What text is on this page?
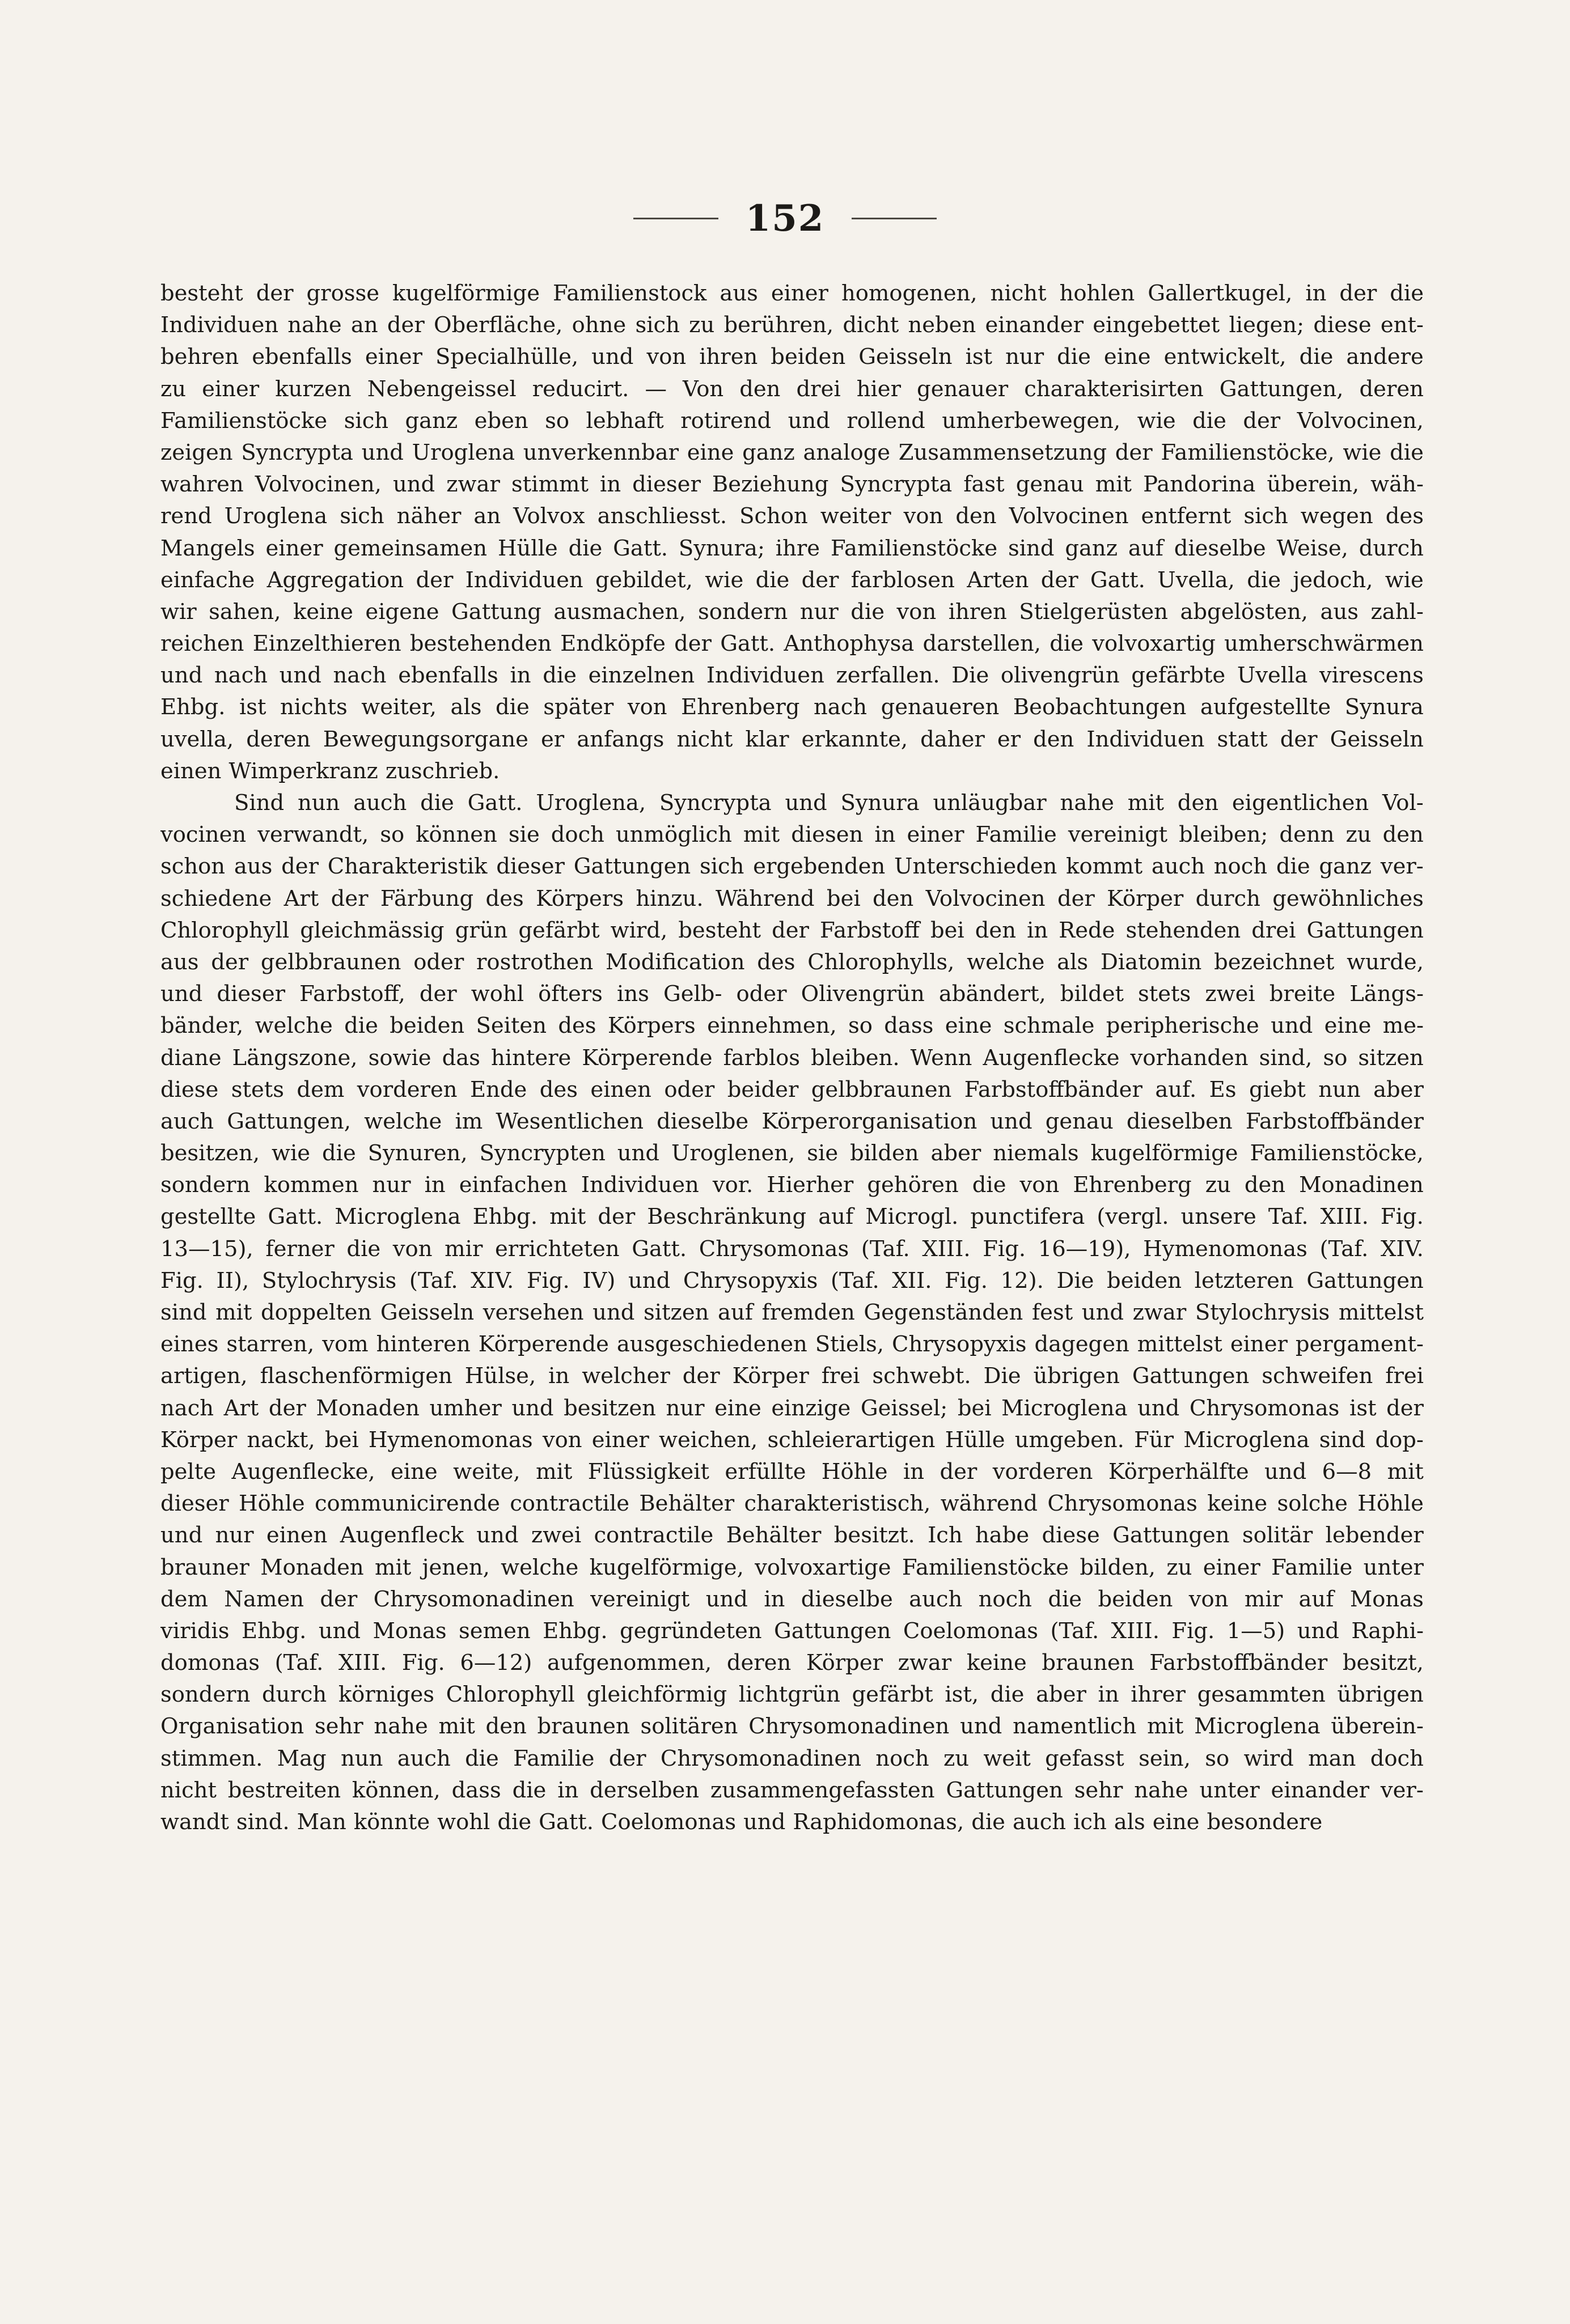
152
besteht der grosse kugelförmige Familienstock aus einer homogenen, nicht hohlen Gallertkugel, in der die
Individuen nahe an der Oberfläche, ohne sich zu berühren, dicht neben einander eingebettet liegen; diese ent-
behren ebenfalls einer Specialhülle, und von ihren beiden Geisseln ist nur die eine entwickelt, die andere
zu einer kurzen Nebengeissel reducirt. — Von den drei hier genauer charakterisirten Gattungen, deren
Familienstöcke sich ganz eben so lebhaft rotirend und rollend umherbewegen, wie die der Volvocinen,
zeigen Syncrypta und Uroglena unverkennbar eine ganz analoge Zusammensetzung der Familienstöcke, wie die
wahren Volvocinen, und zwar stimmt in dieser Beziehung Syncrypta fast genau mit Pandorina überein, wäh-
rend Uroglena sich näher an Volvox anschliesst. Schon weiter von den Volvocinen entfernt sich wegen des
Mangels einer gemeinsamen Hülle die Gatt. Synura; ihre Familienstöcke sind ganz auf dieselbe Weise, durch
einfache Aggregation der Individuen gebildet, wie die der farblosen Arten der Gatt. Uvella, die jedoch, wie
wir sahen, keine eigene Gattung ausmachen, sondern nur die von ihren Stielgerüsten abgelösten, aus zahl-
reichen Einzelthieren bestehenden Endköpfe der Gatt. Anthophysa darstellen, die volvoxartig umherschwärmen
und nach und nach ebenfalls in die einzelnen Individuen zerfallen. Die olivengrün gefärbte Uvella virescens
Ehbg. ist nichts weiter, als die später von Ehrenberg nach genaueren Beobachtungen aufgestellte Synura
uvella, deren Bewegungsorgane er anfangs nicht klar erkannte, daher er den Individuen statt der Geisseln
einen Wimperkranz zuschrieb.
Sind nun auch die Gatt. Uroglena, Syncrypta und Synura unläugbar nahe mit den eigentlichen Vol-
vocinen verwandt, so können sie doch unmöglich mit diesen in einer Familie vereinigt bleiben; denn zu den
schon aus der Charakteristik dieser Gattungen sich ergebenden Unterschieden kommt auch noch die ganz ver-
schiedene Art der Färbung des Körpers hinzu. Während bei den Volvocinen der Körper durch gewöhnliches
Chlorophyll gleichmässig grün gefärbt wird, besteht der Farbstoff bei den in Rede stehenden drei Gattungen
aus der gelbbraunen oder rostrothen Modification des Chlorophylls, welche als Diatomin bezeichnet wurde,
und dieser Farbstoff, der wohl öfters ins Gelb- oder Olivengrün abändert, bildet stets zwei breite Längs-
bänder, welche die beiden Seiten des Körpers einnehmen, so dass eine schmale peripherische und eine me-
diane Längszone, sowie das hintere Körperende farblos bleiben. Wenn Augenflecke vorhanden sind, so sitzen
diese stets dem vorderen Ende des einen oder beider gelbbraunen Farbstoffbänder auf. Es giebt nun aber
auch Gattungen, welche im Wesentlichen dieselbe Körperorganisation und genau dieselben Farbstoffbänder
besitzen, wie die Synuren, Syncrypten und Uroglenen, sie bilden aber niemals kugelförmige Familienstöcke,
sondern kommen nur in einfachen Individuen vor. Hierher gehören die von Ehrenberg zu den Monadinen
gestellte Gatt. Microglena Ehbg. mit der Beschränkung auf Microgl. punctifera (vergl. unsere Taf. XIII. Fig.
13—15), ferner die von mir errichteten Gatt. Chrysomonas (Taf. XIII. Fig. 16—19), Hymenomonas (Taf. XIV.
Fig. II), Stylochrysis (Taf. XIV. Fig. IV) und Chrysopyxis (Taf. XII. Fig. 12). Die beiden letzteren Gattungen
sind mit doppelten Geisseln versehen und sitzen auf fremden Gegenständen fest und zwar Stylochrysis mittelst
eines starren, vom hinteren Körperende ausgeschiedenen Stiels, Chrysopyxis dagegen mittelst einer pergament-
artigen, flaschenförmigen Hülse, in welcher der Körper frei schwebt. Die übrigen Gattungen schweifen frei
nach Art der Monaden umher und besitzen nur eine einzige Geissel; bei Microglena und Chrysomonas ist der
Körper nackt, bei Hymenomonas von einer weichen, schleierartigen Hülle umgeben. Für Microglena sind dop-
pelte Augenflecke, eine weite, mit Flüssigkeit erfüllte Höhle in der vorderen Körperhälfte und 6—8 mit
dieser Höhle communicirende contractile Behälter charakteristisch, während Chrysomonas keine solche Höhle
und nur einen Augenfleck und zwei contractile Behälter besitzt. Ich habe diese Gattungen solitär lebender
brauner Monaden mit jenen, welche kugelförmige, volvoxartige Familienstöcke bilden, zu einer Familie unter
dem Namen der Chrysomonadinen vereinigt und in dieselbe auch noch die beiden von mir auf Monas
viridis Ehbg. und Monas semen Ehbg. gegründeten Gattungen Coelomonas (Taf. XIII. Fig. 1—5) und Raphi-
domonas (Taf. XIII. Fig. 6—12) aufgenommen, deren Körper zwar keine braunen Farbstoffbänder besitzt,
sondern durch körniges Chlorophyll gleichförmig lichtgrün gefärbt ist, die aber in ihrer gesammten übrigen
Organisation sehr nahe mit den braunen solitären Chrysomonadinen und namentlich mit Microglena überein-
stimmen. Mag nun auch die Familie der Chrysomonadinen noch zu weit gefasst sein, so wird man doch
nicht bestreiten können, dass die in derselben zusammengefassten Gattungen sehr nahe unter einander ver-
wandt sind. Man könnte wohl die Gatt. Coelomonas und Raphidomonas, die auch ich als eine besondere
